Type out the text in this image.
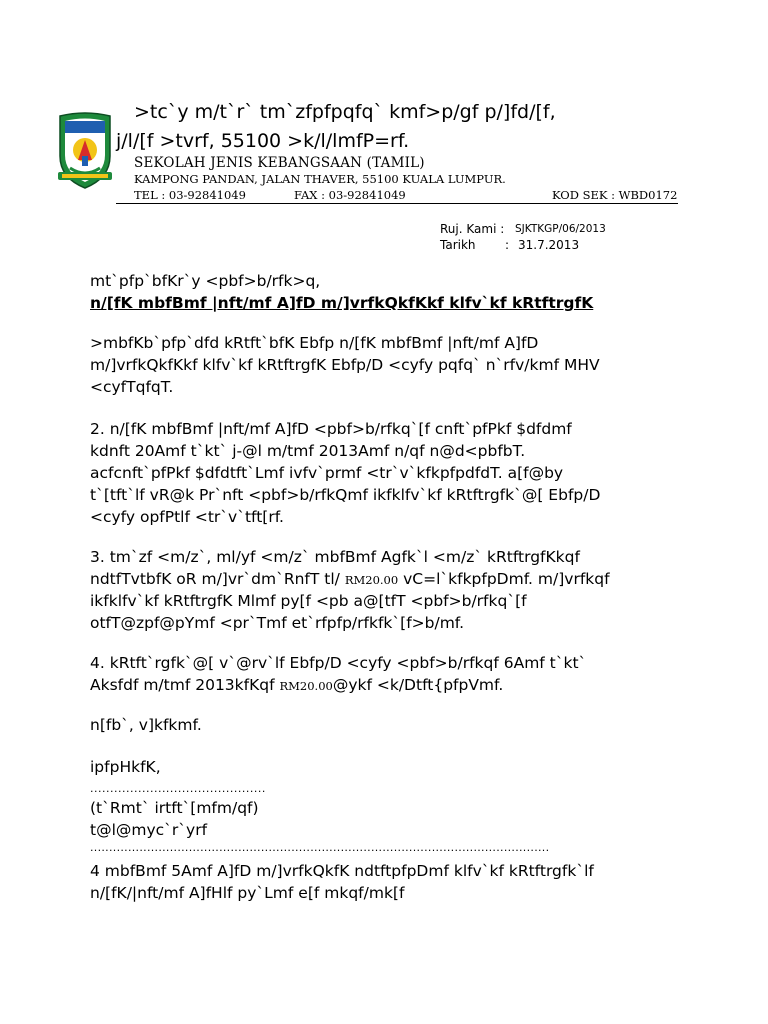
>tc`y m/t`r` tm`zfpfpqfq` kmf>p/gf p/]fd/[f,
j/l/[f >tvrf, 55100 >k/l/lmfP=rf.
SEKOLAH JENIS KEBANGSAAN (TAMIL)
KAMPONG PANDAN, JALAN THAVER, 55100 KUALA LUMPUR.
TEL : 03-92841049	FAX : 03-92841049	KOD SEK : WBD0172
Ruj. Kami : SJKTKGP/06/2013
Tarikh : 31.7.2013
mt`pfp`bfKr`y <pbf>b/rfk>q,
n/[fK mbfBmf |nft/mf A]fD m/]vrfkQkfKkf klfv`kf kRtftrgfK
>mbfKb`pfp`dfd kRtft`bfK Ebfp n/[fK mbfBmf |nft/mf A]fD
m/]vrfkQkfKkf klfv`kf kRtftrgfK Ebfp/D <cyfy pqfq` n`rfv/kmf MHV
<cyfTqfqT.
2. n/[fK mbfBmf |nft/mf A]fD <pbf>b/rfkq`[f cnft`pfPkf $dfdmf
kdnft 20Amf t`kt` j-@l m/tmf 2013Amf n/qf n@d<pbfbT.
acfcnft`pfPkf $dfdtft`Lmf ivfv`prmf <tr`v`kfkpfpdfdT. a[f@by
t`[tft`lf vR@k Pr`nft <pbf>b/rfkQmf ikfklfv`kf kRtftrgfk`@[ Ebfp/D
<cyfy opfPtlf <tr`v`tft[rf.
3. tm`zf <m/z`, ml/yf <m/z` mbfBmf Agfk`l <m/z` kRtftrgfKkqf
ndtfTvtbfK oR m/]vr`dm`RnfT tl/ RM20.00 vC=l`kfkpfpDmf. m/]vrfkqf
ikfklfv`kf kRtftrgfK Mlmf py[f <pb a@[tfT <pbf>b/rfkq`[f
otfT@zpf@pYmf <pr`Tmf et`rfpfp/rfkfk`[f>b/mf.
4. kRtft`rgfk`@[ v`@rv`lf Ebfp/D <cyfy <pbf>b/rfkqf 6Amf t`kt`
Aksfdf m/tmf 2013kfKqf RM20.00@ykf <k/Dtft{pfpVmf.
n[fb`, v]kfkmf.
ipfpHkfK,
............................................
(t`Rmt` irtft`[mfm/qf)
t@l@myc`r`yrf
.........................................................................................................................
4 mbfBmf 5Amf A]fD m/]vrfkQkfK ndtftpfpDmf klfv`kf kRtftrgfk`lf
n/[fK/|nft/mf A]fHlf py`Lmf e[f mkqf/mk[f
